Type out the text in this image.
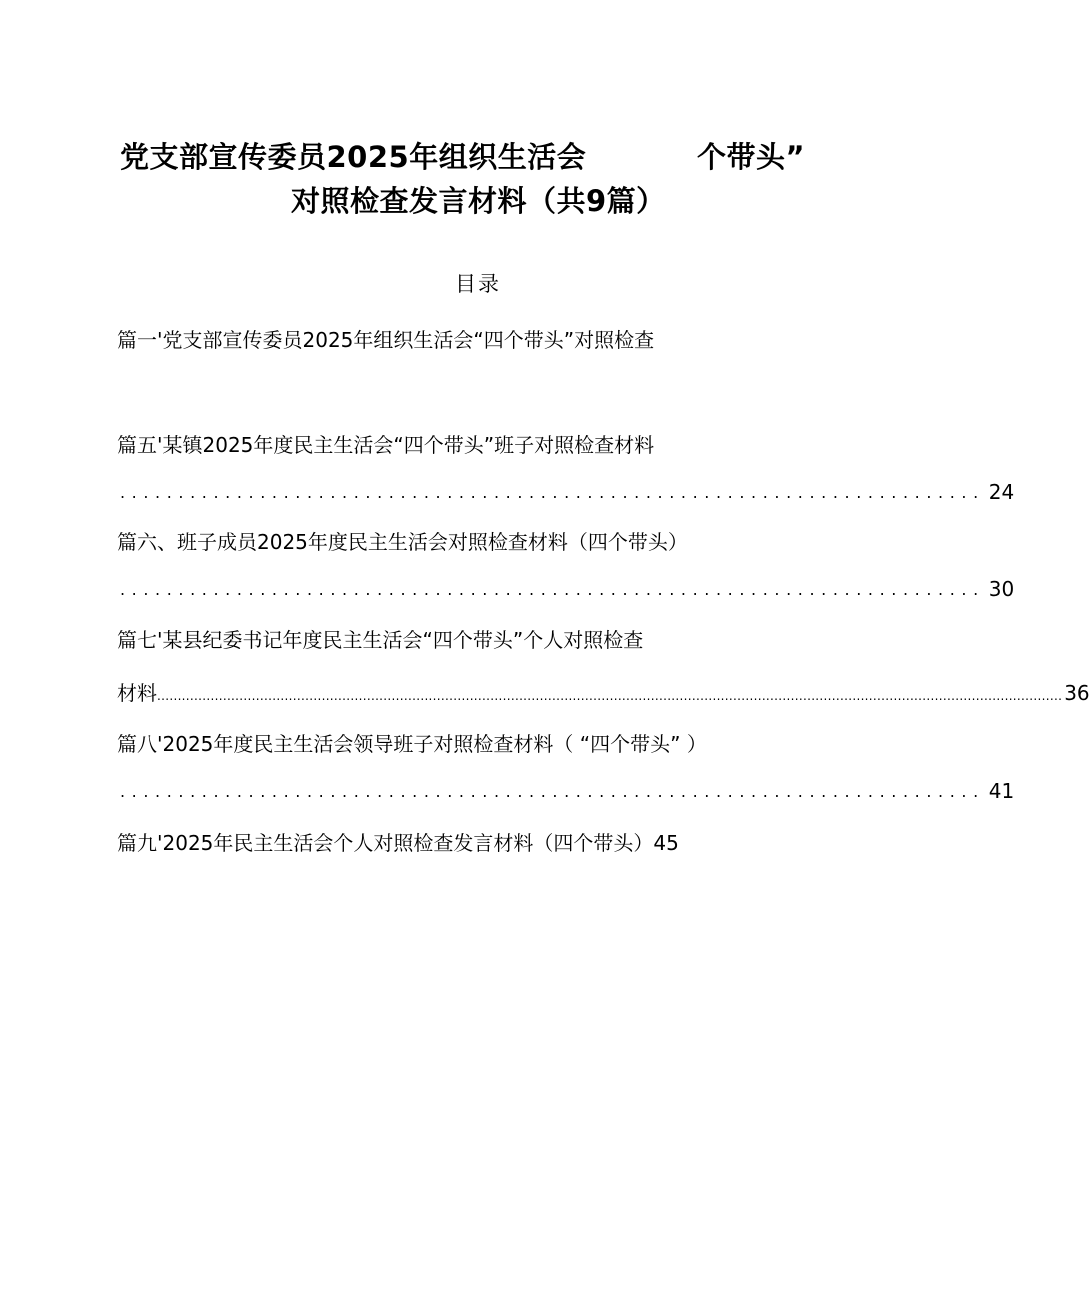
党支部宣传委员2025年组织生活会	个带头”
对照检查发言材料（共9篇）
目录
篇一'党支部宣传委员2025年组织生活会“四个带头”对照检查
篇五'某镇2025年度民主生活会“四个带头”班子对照检查材料
.......................................................................... 24
篇六、班子成员2025年度民主生活会对照检查材料（四个带头）
.......................................................................... 30
篇七'某县纪委书记年度民主生活会“四个带头”个人对照检查
材料 ............................................................................................................................................................................................................................ 36
篇八'2025年度民主生活会领导班子对照检查材料（ “四个带头” ）
.......................................................................... 41
篇九'2025年民主生活会个人对照检查发言材料（四个带头）45
